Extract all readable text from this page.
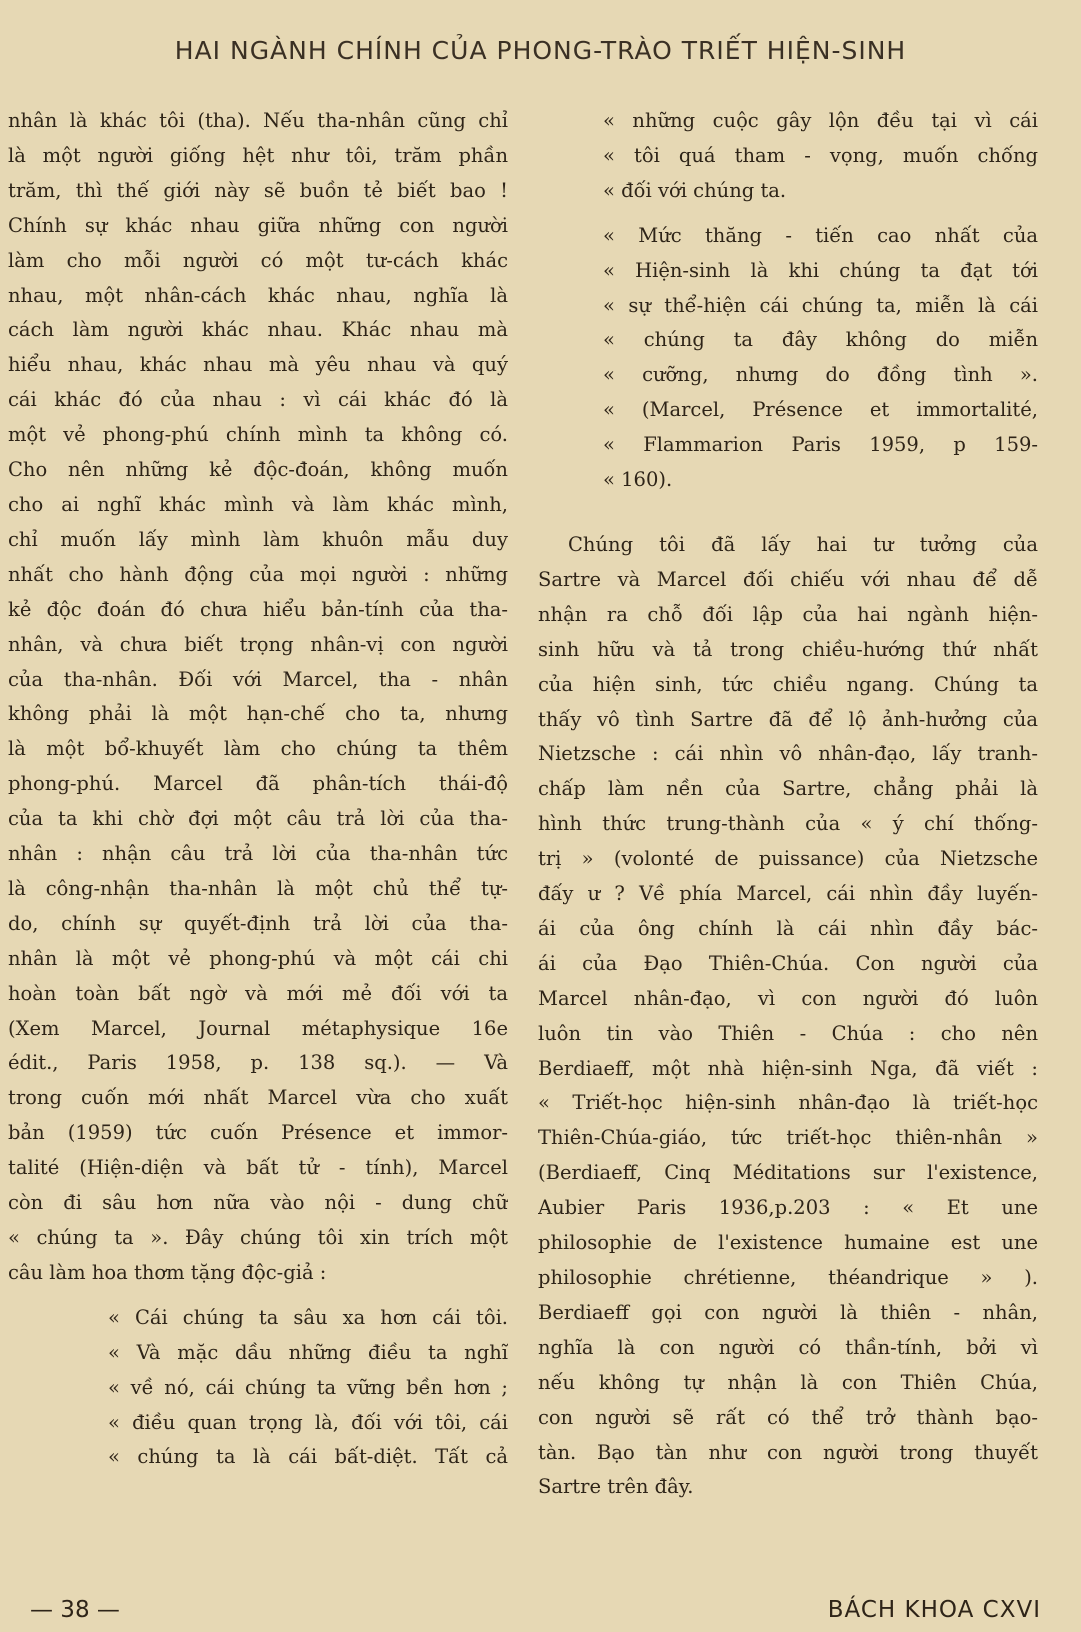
HAI NGÀNH CHÍNH CỦA PHONG-TRÀO TRIẾT HIỆN-SINH
nhân là khác tôi (tha). Nếu tha-nhân cũng chỉ
là một người giống hệt như tôi, trăm phần
trăm, thì thế giới này sẽ buồn tẻ biết bao !
Chính sự khác nhau giữa những con người
làm cho mỗi người có một tư-cách khác
nhau, một nhân-cách khác nhau, nghĩa là
cách làm người khác nhau. Khác nhau mà
hiểu nhau, khác nhau mà yêu nhau và quý
cái khác đó của nhau : vì cái khác đó là
một vẻ phong-phú chính mình ta không có.
Cho nên những kẻ độc-đoán, không muốn
cho ai nghĩ khác mình và làm khác mình,
chỉ muốn lấy mình làm khuôn mẫu duy
nhất cho hành động của mọi người : những
kẻ độc đoán đó chưa hiểu bản-tính của tha-
nhân, và chưa biết trọng nhân-vị con người
của tha-nhân. Đối với Marcel, tha - nhân
không phải là một hạn-chế cho ta, nhưng
là một bổ-khuyết làm cho chúng ta thêm
phong-phú. Marcel đã phân-tích thái-độ
của ta khi chờ đợi một câu trả lời của tha-
nhân : nhận câu trả lời của tha-nhân tức
là công-nhận tha-nhân là một chủ thể tự-
do, chính sự quyết-định trả lời của tha-
nhân là một vẻ phong-phú và một cái chi
hoàn toàn bất ngờ và mới mẻ đối với ta
(Xem Marcel, Journal métaphysique 16e
édit., Paris 1958, p. 138 sq.). — Và
trong cuốn mới nhất Marcel vừa cho xuất
bản (1959) tức cuốn Présence et immor-
talité (Hiện-diện và bất tử - tính), Marcel
còn đi sâu hơn nữa vào nội - dung chữ
« chúng ta ». Đây chúng tôi xin trích một
câu làm hoa thơm tặng độc-giả :
« Cái chúng ta sâu xa hơn cái tôi.
« Và mặc dầu những điều ta nghĩ
« về nó, cái chúng ta vững bền hơn ;
« điều quan trọng là, đối với tôi, cái
« chúng ta là cái bất-diệt. Tất cả
« những cuộc gây lộn đều tại vì cái
« tôi quá tham - vọng, muốn chống
« đối với chúng ta.
« Mức thăng - tiến cao nhất của
« Hiện-sinh là khi chúng ta đạt tới
« sự thể-hiện cái chúng ta, miễn là cái
« chúng ta đây không do miễn
« cưỡng, nhưng do đồng tình ».
« (Marcel, Présence et immortalité,
« Flammarion Paris 1959, p 159-
« 160).
Chúng tôi đã lấy hai tư tưởng của
Sartre và Marcel đối chiếu với nhau để dễ
nhận ra chỗ đối lập của hai ngành hiện-
sinh hữu và tả trong chiều-hướng thứ nhất
của hiện sinh, tức chiều ngang. Chúng ta
thấy vô tình Sartre đã để lộ ảnh-hưởng của
Nietzsche : cái nhìn vô nhân-đạo, lấy tranh-
chấp làm nền của Sartre, chẳng phải là
hình thức trung-thành của « ý chí thống-
trị » (volonté de puissance) của Nietzsche
đấy ư ? Về phía Marcel, cái nhìn đầy luyến-
ái của ông chính là cái nhìn đầy bác-
ái của Đạo Thiên-Chúa. Con người của
Marcel nhân-đạo, vì con người đó luôn
luôn tin vào Thiên - Chúa : cho nên
Berdiaeff, một nhà hiện-sinh Nga, đã viết :
« Triết-học hiện-sinh nhân-đạo là triết-học
Thiên-Chúa-giáo, tức triết-học thiên-nhân »
(Berdiaeff, Cinq Méditations sur l'existence,
Aubier Paris 1936,p.203 : « Et une
philosophie de l'existence humaine est une
philosophie chrétienne, théandrique » ).
Berdiaeff gọi con người là thiên - nhân,
nghĩa là con người có thần-tính, bởi vì
nếu không tự nhận là con Thiên Chúa,
con người sẽ rất có thể trở thành bạo-
tàn. Bạo tàn như con người trong thuyết
Sartre trên đây.
— 38 —	BÁCH KHOA CXVI
